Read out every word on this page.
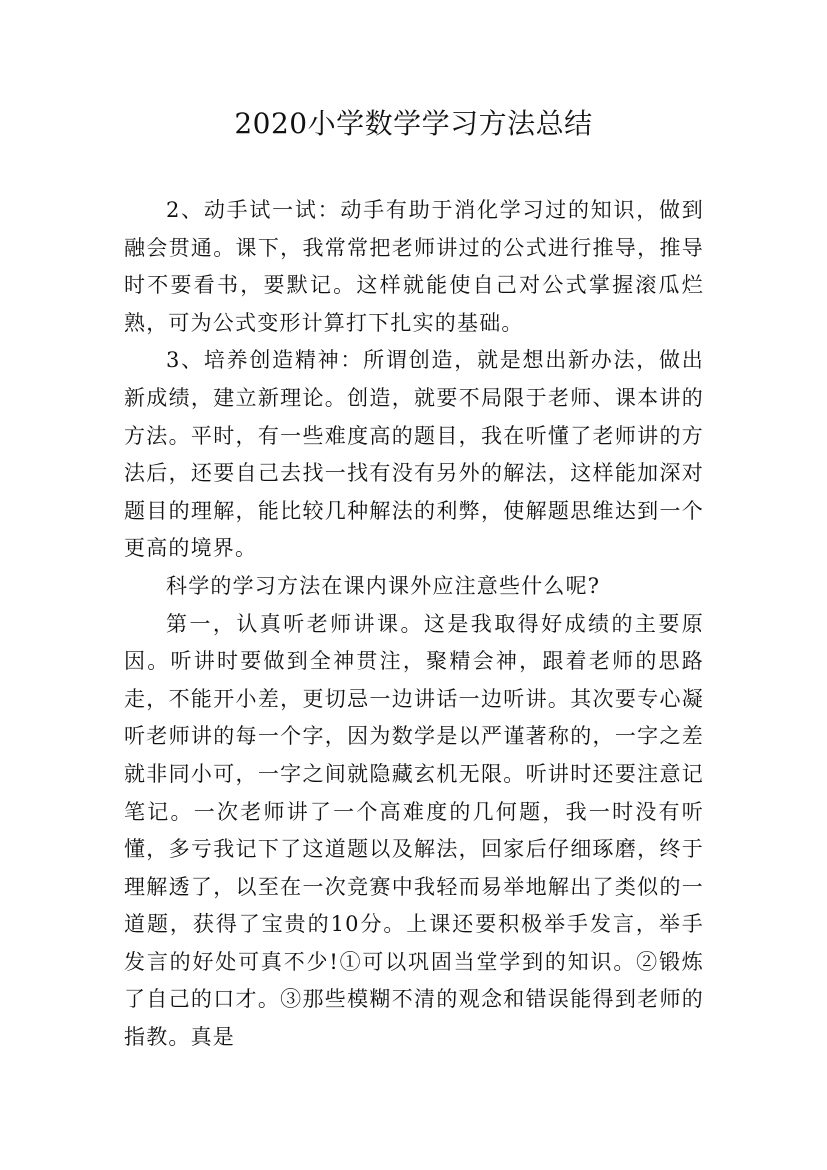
2020小学数学学习方法总结

2、动手试一试：动手有助于消化学习过的知识，做到融会贯通。课下，我常常把老师讲过的公式进行推导，推导时不要看书，要默记。这样就能使自己对公式掌握滚瓜烂熟，可为公式变形计算打下扎实的基础。

3、培养创造精神：所谓创造，就是想出新办法，做出新成绩，建立新理论。创造，就要不局限于老师、课本讲的方法。平时，有一些难度高的题目，我在听懂了老师讲的方法后，还要自己去找一找有没有另外的解法，这样能加深对题目的理解，能比较几种解法的利弊，使解题思维达到一个更高的境界。

科学的学习方法在课内课外应注意些什么呢?

第一，认真听老师讲课。这是我取得好成绩的主要原因。听讲时要做到全神贯注，聚精会神，跟着老师的思路走，不能开小差，更切忌一边讲话一边听讲。其次要专心凝听老师讲的每一个字，因为数学是以严谨著称的，一字之差就非同小可，一字之间就隐藏玄机无限。听讲时还要注意记笔记。一次老师讲了一个高难度的几何题，我一时没有听懂，多亏我记下了这道题以及解法，回家后仔细琢磨，终于理解透了，以至在一次竞赛中我轻而易举地解出了类似的一道题，获得了宝贵的10分。上课还要积极举手发言，举手发言的好处可真不少!①可以巩固当堂学到的知识。②锻炼了自己的口才。③那些模糊不清的观念和错误能得到老师的指教。真是
